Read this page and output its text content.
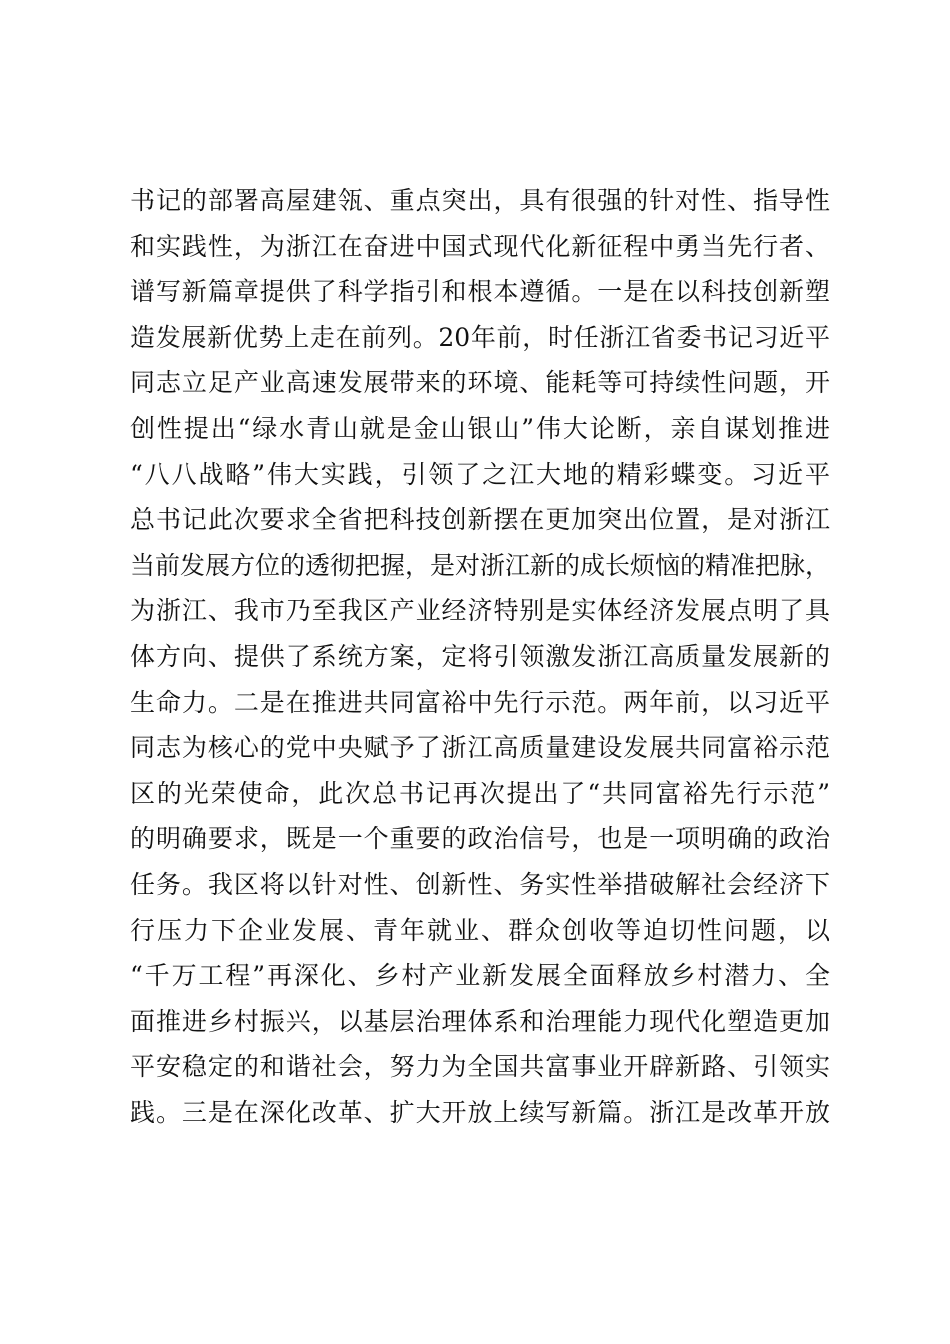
书记的部署高屋建瓴、重点突出，具有很强的针对性、指导性
和实践性，为浙江在奋进中国式现代化新征程中勇当先行者、
谱写新篇章提供了科学指引和根本遵循。一是在以科技创新塑
造发展新优势上走在前列。20年前，时任浙江省委书记习近平
同志立足产业高速发展带来的环境、能耗等可持续性问题，开
创性提出“绿水青山就是金山银山”伟大论断，亲自谋划推进
“八八战略”伟大实践，引领了之江大地的精彩蝶变。习近平
总书记此次要求全省把科技创新摆在更加突出位置，是对浙江
当前发展方位的透彻把握，是对浙江新的成长烦恼的精准把脉，
为浙江、我市乃至我区产业经济特别是实体经济发展点明了具
体方向、提供了系统方案，定将引领激发浙江高质量发展新的
生命力。二是在推进共同富裕中先行示范。两年前，以习近平
同志为核心的党中央赋予了浙江高质量建设发展共同富裕示范
区的光荣使命，此次总书记再次提出了“共同富裕先行示范”
的明确要求，既是一个重要的政治信号，也是一项明确的政治
任务。我区将以针对性、创新性、务实性举措破解社会经济下
行压力下企业发展、青年就业、群众创收等迫切性问题，以
“千万工程”再深化、乡村产业新发展全面释放乡村潜力、全
面推进乡村振兴，以基层治理体系和治理能力现代化塑造更加
平安稳定的和谐社会，努力为全国共富事业开辟新路、引领实
践。三是在深化改革、扩大开放上续写新篇。浙江是改革开放
